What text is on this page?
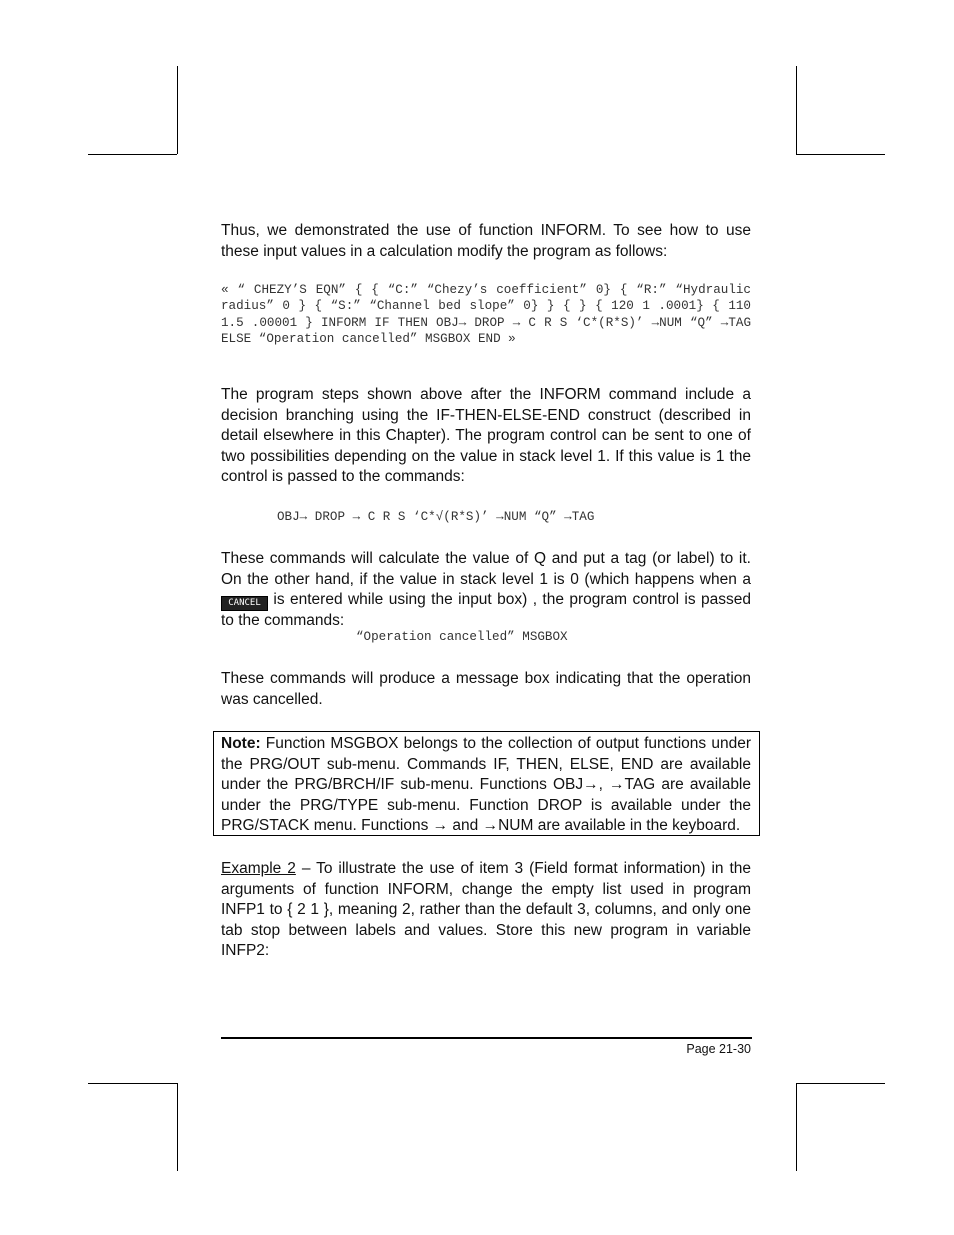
Thus, we demonstrated the use of function INFORM. To see how to use these input values in a calculation modify the program as follows:

« “ CHEZY’S EQN” { { “C:” “Chezy’s coefficient” 0} { “R:” “Hydraulic radius” 0 } { “S:” “Channel bed slope” 0} } { } { 120 1 .0001} { 110 1.5 .00001 } INFORM IF THEN OBJ→ DROP → C R S ‘C*(R*S)’ →NUM “Q” →TAG ELSE “Operation cancelled” MSGBOX END »

The program steps shown above after the INFORM command include a decision branching using the IF-THEN-ELSE-END construct (described in detail elsewhere in this Chapter). The program control can be sent to one of two possibilities depending on the value in stack level 1. If this value is 1 the control is passed to the commands:

OBJ→ DROP → C R S ‘C*√(R*S)’ →NUM “Q” →TAG

These commands will calculate the value of Q and put a tag (or label) to it. On the other hand, if the value in stack level 1 is 0 (which happens when a CANCEL is entered while using the input box) , the program control is passed to the commands:

“Operation cancelled” MSGBOX

These commands will produce a message box indicating that the operation was cancelled.

Example 2 – To illustrate the use of item 3 (Field format information) in the arguments of function INFORM, change the empty list used in program INFP1 to { 2 1 }, meaning 2, rather than the default 3, columns, and only one tab stop between labels and values. Store this new program in variable INFP2:

Note: Function MSGBOX belongs to the collection of output functions under the PRG/OUT sub-menu. Commands IF, THEN, ELSE, END are available under the PRG/BRCH/IF sub-menu. Functions OBJ→, →TAG are available under the PRG/TYPE sub-menu. Function DROP is available under the PRG/STACK menu. Functions → and →NUM are available in the keyboard.

Page 21-30
